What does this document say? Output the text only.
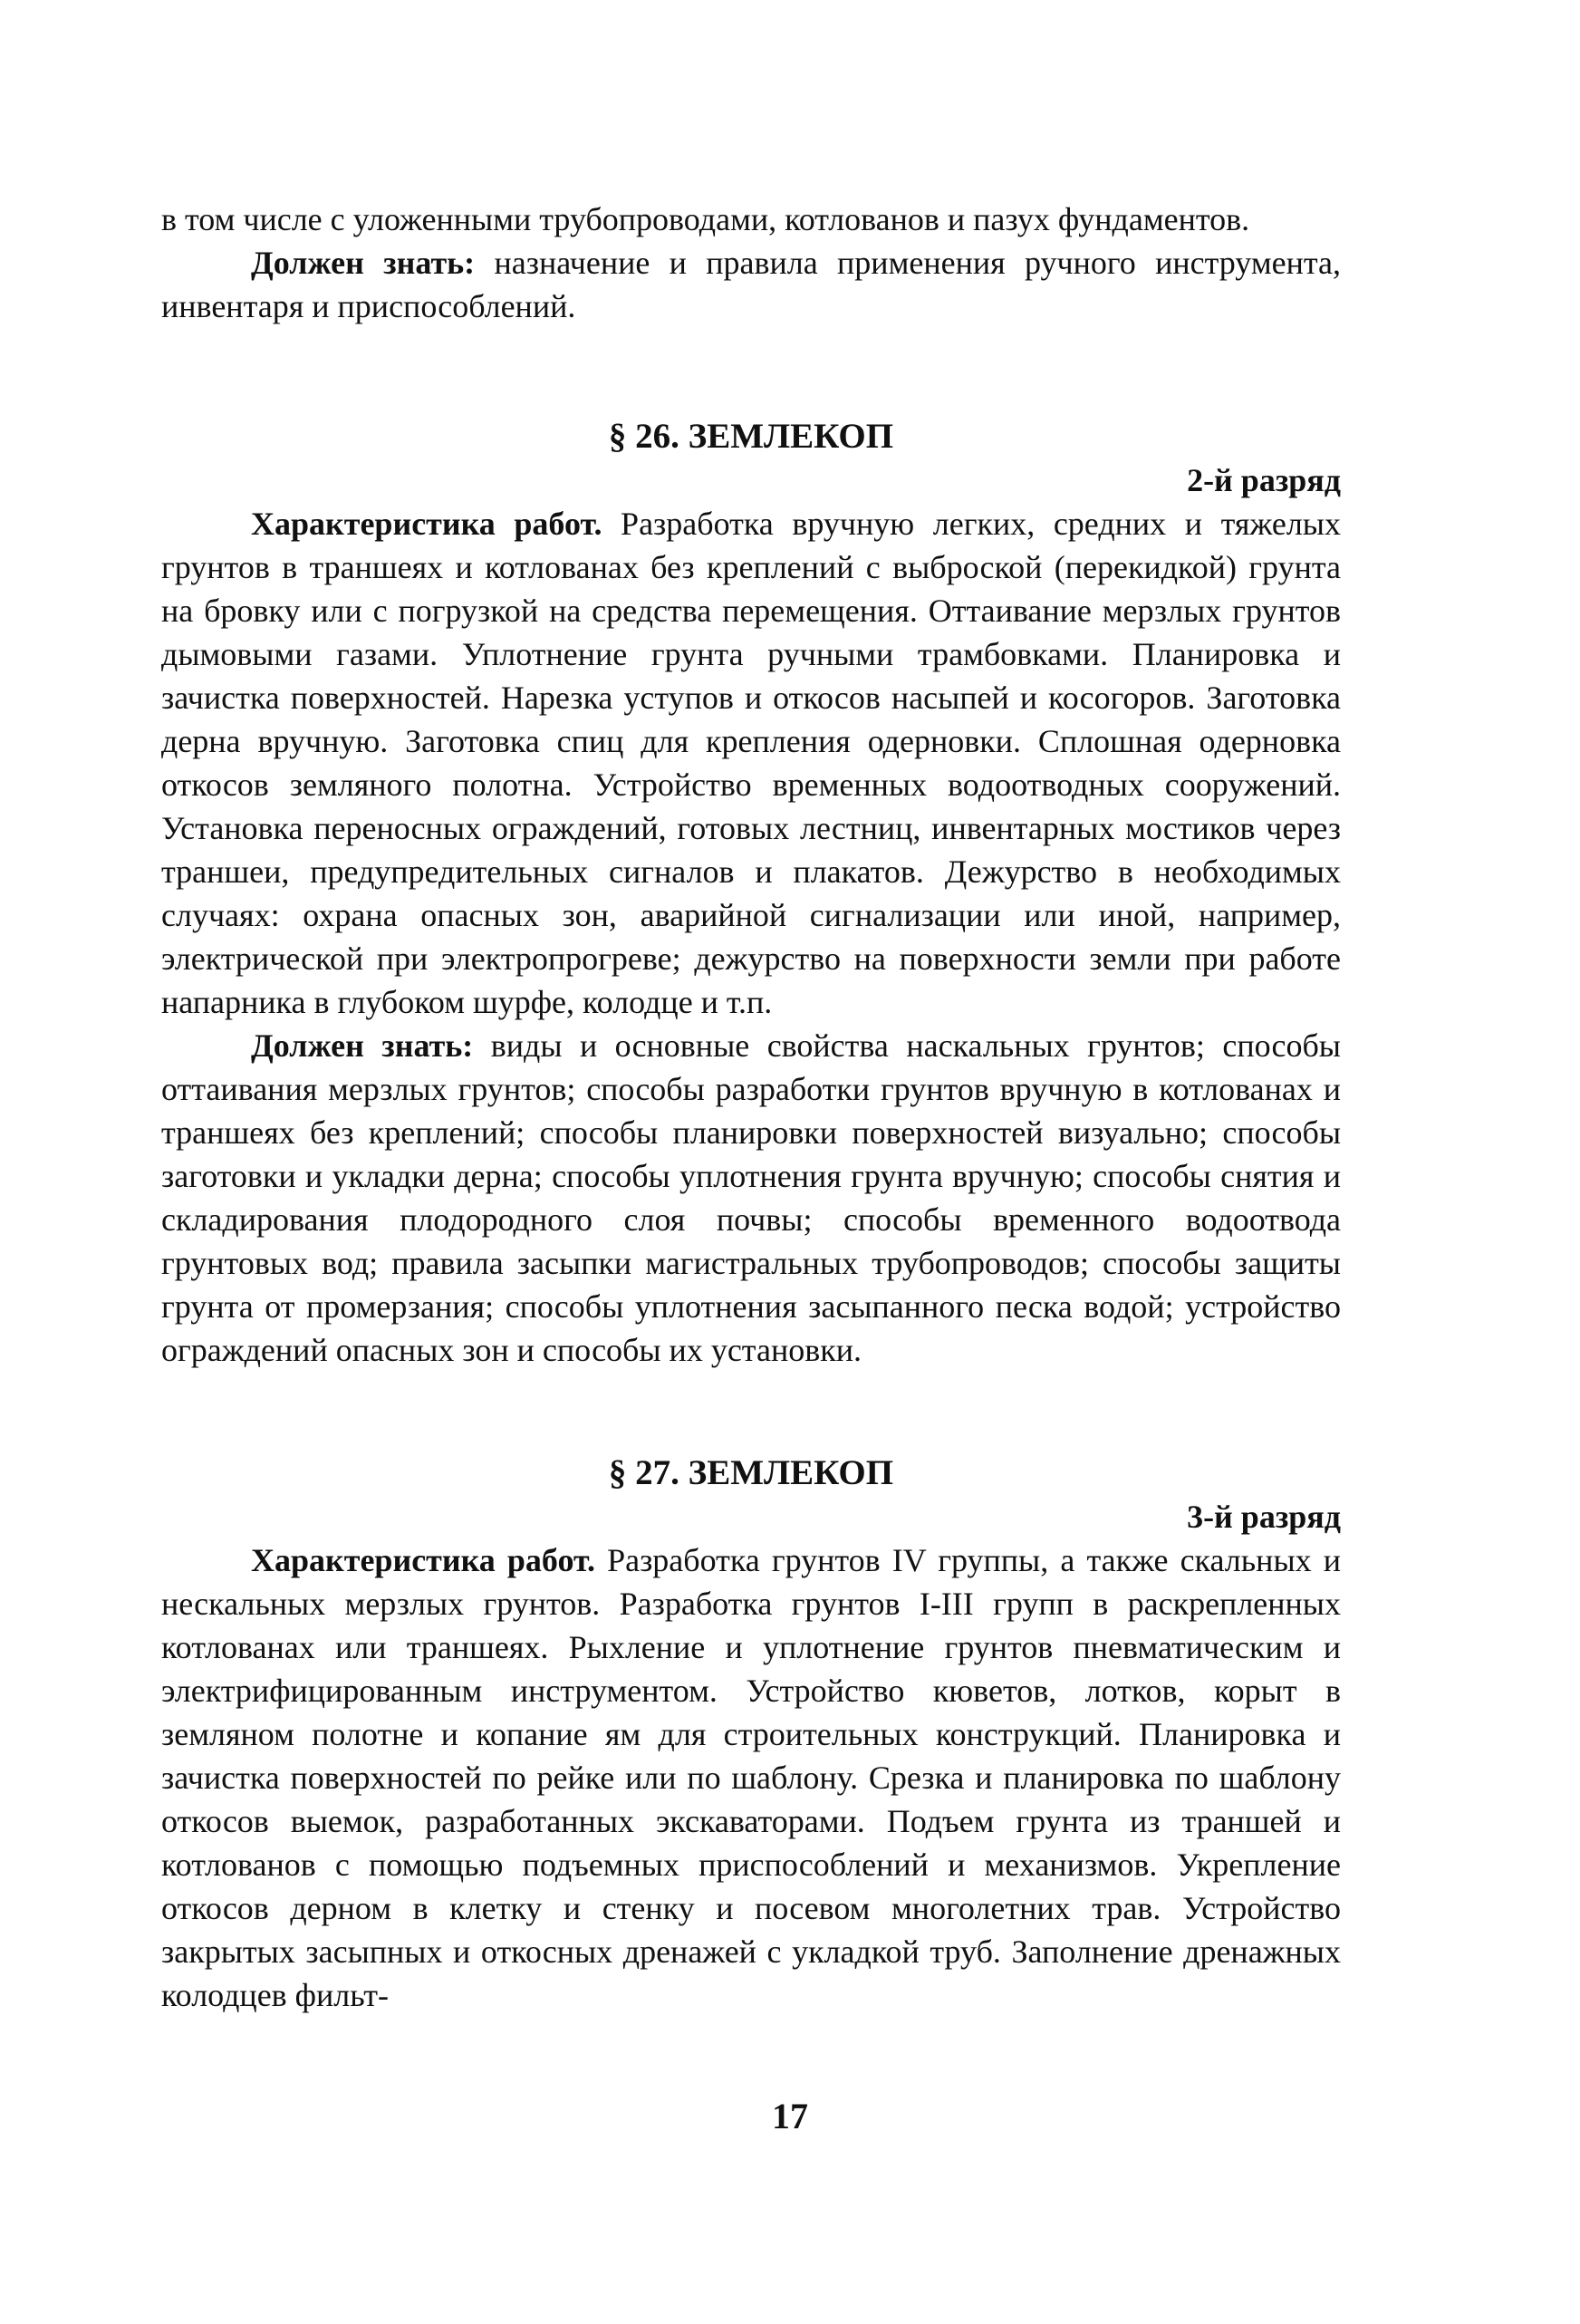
в том числе с уложенными трубопроводами, котлованов и пазух фундаментов.

Должен знать: назначение и правила применения ручного инструмента, инвентаря и приспособлений.

§ 26. ЗЕМЛЕКОП

2-й разряд

Характеристика работ. Разработка вручную легких, средних и тяжелых грунтов в траншеях и котлованах без креплений с выброской (перекидкой) грунта на бровку или с погрузкой на средства перемещения. Оттаивание мерзлых грунтов дымовыми газами. Уплотнение грунта ручными трамбовками. Планировка и зачистка поверхностей. Нарезка уступов и откосов насыпей и косогоров. Заготовка дерна вручную. Заготовка спиц для крепления одерновки. Сплошная одерновка откосов земляного полотна. Устройство временных водоотводных сооружений. Установка переносных ограждений, готовых лестниц, инвентарных мостиков через траншеи, предупредительных сигналов и плакатов. Дежурство в необходимых случаях: охрана опасных зон, аварийной сигнализации или иной, например, электрической при электропрогреве; дежурство на поверхности земли при работе напарника в глубоком шурфе, колодце и т.п.

Должен знать: виды и основные свойства наскальных грунтов; способы оттаивания мерзлых грунтов; способы разработки грунтов вручную в котлованах и траншеях без креплений; способы планировки поверхностей визуально; способы заготовки и укладки дерна; способы уплотнения грунта вручную; способы снятия и складирования плодородного слоя почвы; способы временного водоотвода грунтовых вод; правила засыпки магистральных трубопроводов; способы защиты грунта от промерзания; способы уплотнения засыпанного песка водой; устройство ограждений опасных зон и способы их установки.

§ 27. ЗЕМЛЕКОП

3-й разряд

Характеристика работ. Разработка грунтов IV группы, а также скальных и нескальных мерзлых грунтов. Разработка грунтов I-III групп в раскрепленных котлованах или траншеях. Рыхление и уплотнение грунтов пневматическим и электрифицированным инструментом. Устройство кюветов, лотков, корыт в земляном полотне и копание ям для строительных конструкций. Планировка и зачистка поверхностей по рейке или по шаблону. Срезка и планировка по шаблону откосов выемок, разработанных экскаваторами. Подъем грунта из траншей и котлованов с помощью подъемных приспособлений и механизмов. Укрепление откосов дерном в клетку и стенку и посевом многолетних трав. Устройство закрытых засыпных и откосных дренажей с укладкой труб. Заполнение дренажных колодцев фильт-

17
